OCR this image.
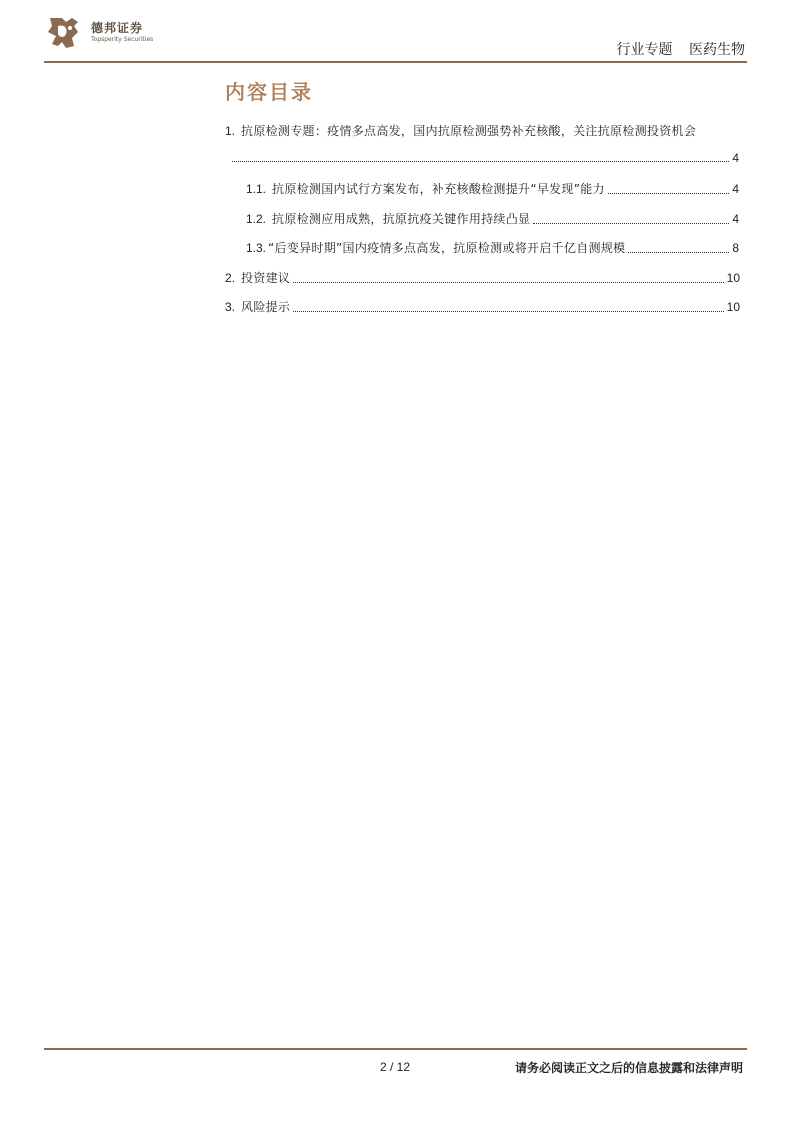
德邦证券
Topsperity Securities
行业专题 医药生物
内容目录
1. 抗原检测专题：疫情多点高发，国内抗原检测强势补充核酸，关注抗原检测投资机会
4
1.1. 抗原检测国内试行方案发布，补充核酸检测提升“早发现”能力	4
1.2. 抗原检测应用成熟，抗原抗疫关键作用持续凸显	4
1.3. “后变异时期”国内疫情多点高发，抗原检测或将开启千亿自测规模	8
2. 投资建议	10
3. 风险提示	10
2 / 12	请务必阅读正文之后的信息披露和法律声明
